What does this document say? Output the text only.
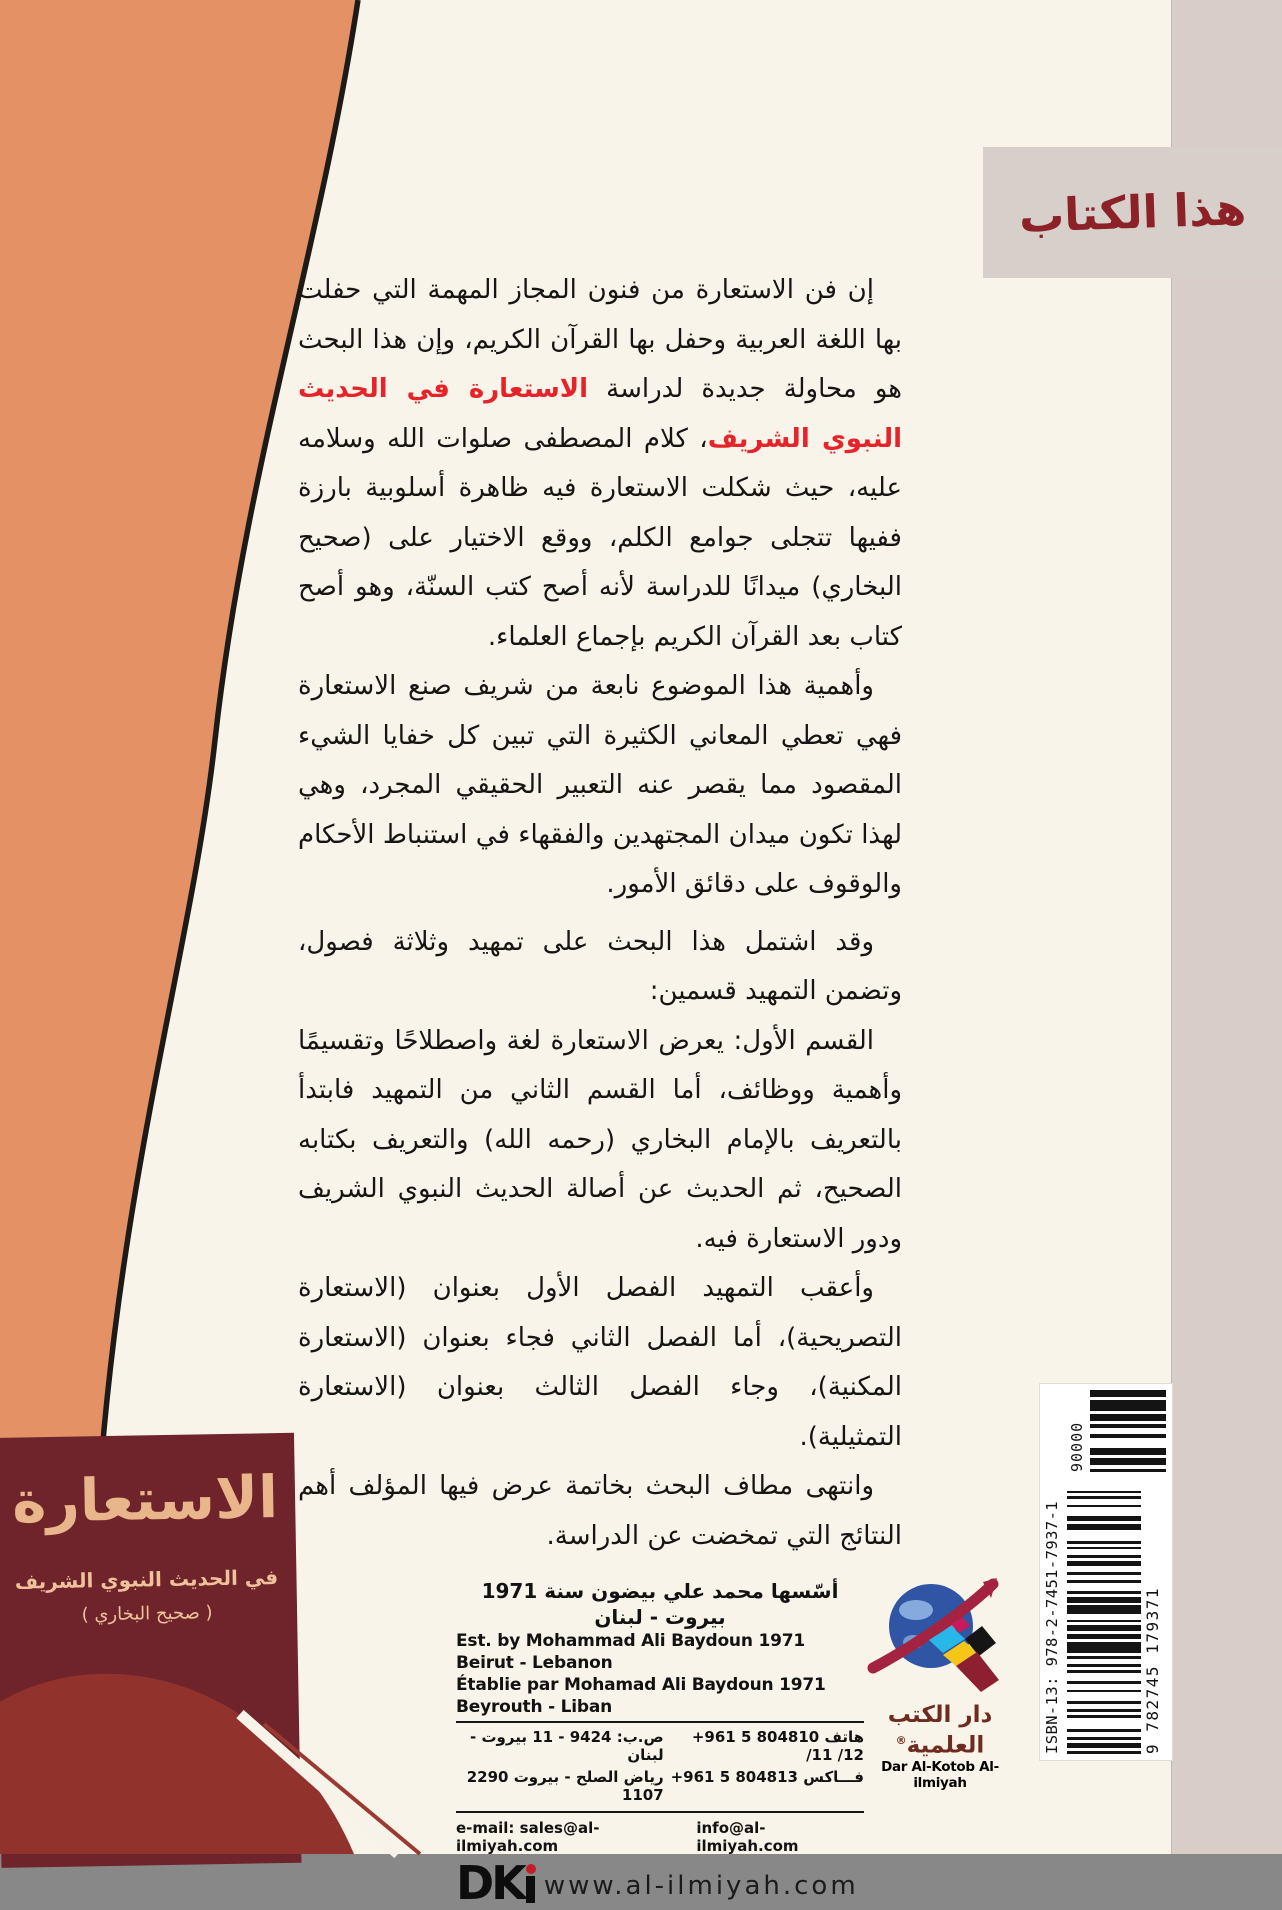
هذا الكتاب

إن فن الاستعارة من فنون المجاز المهمة التي حفلت بها اللغة العربية وحفل بها القرآن الكريم، وإن هذا البحث هو محاولة جديدة لدراسة الاستعارة في الحديث النبوي الشريف، كلام المصطفى صلوات الله وسلامه عليه، حيث شكلت الاستعارة فيه ظاهرة أسلوبية بارزة ففيها تتجلى جوامع الكلم، ووقع الاختيار على (صحيح البخاري) ميدانًا للدراسة لأنه أصح كتب السنّة، وهو أصح كتاب بعد القرآن الكريم بإجماع العلماء.

وأهمية هذا الموضوع نابعة من شريف صنع الاستعارة فهي تعطي المعاني الكثيرة التي تبين كل خفايا الشيء المقصود مما يقصر عنه التعبير الحقيقي المجرد، وهي لهذا تكون ميدان المجتهدين والفقهاء في استنباط الأحكام والوقوف على دقائق الأمور.

وقد اشتمل هذا البحث على تمهيد وثلاثة فصول، وتضمن التمهيد قسمين:

القسم الأول: يعرض الاستعارة لغة واصطلاحًا وتقسيمًا وأهمية ووظائف، أما القسم الثاني من التمهيد فابتدأ بالتعريف بالإمام البخاري (رحمه الله) والتعريف بكتابه الصحيح، ثم الحديث عن أصالة الحديث النبوي الشريف ودور الاستعارة فيه.

وأعقب التمهيد الفصل الأول بعنوان (الاستعارة التصريحية)، أما الفصل الثاني فجاء بعنوان (الاستعارة المكنية)، وجاء الفصل الثالث بعنوان (الاستعارة التمثيلية).

وانتهى مطاف البحث بخاتمة عرض فيها المؤلف أهم النتائج التي تمخضت عن الدراسة.

الاستعارة
في الحديث النبوي الشريف
( صحيح البخاري )
أسّسها محمد علي بيضون سنة 1971 بيروت - لبنان
Est. by Mohammad Ali Baydoun 1971 Beirut - Lebanon
Établie par Mohamad Ali Baydoun 1971 Beyrouth - Liban
ص.ب: 9424 - 11 بيروت - لبنان
رياض الصلح - بيروت 2290 1107
هاتف +961 5 804810 /11 /12
فـــاكس +961 5 804813
e-mail: sales@al-ilmiyah.com
info@al-ilmiyah.com
DK www.al-ilmiyah.com
دار الكتب العلمية®
Dar Al-Kotob Al-ilmiyah
ISBN-13: 978-2-7451-7937-1	9 782745 179371
90000
